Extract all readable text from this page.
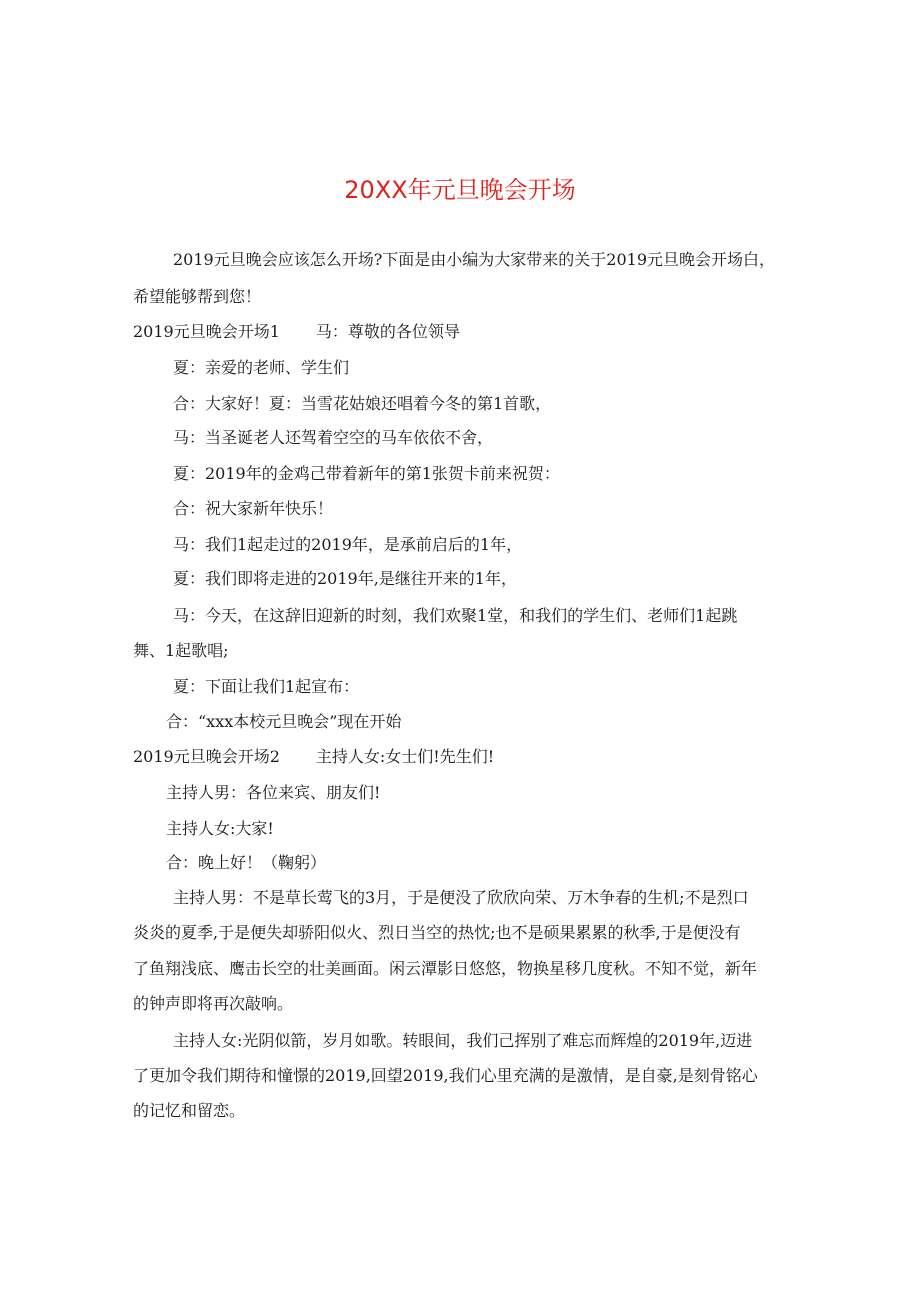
20XX年元旦晚会开场
2019元旦晚会应该怎么开场?下面是由小编为大家带来的关于2019元旦晚会开场白，
希望能够帮到您！
2019元旦晚会开场1 马：尊敬的各位领导
夏：亲爱的老师、学生们
合：大家好！夏：当雪花姑娘还唱着今冬的第1首歌，
马：当圣诞老人还驾着空空的马车依依不舍，
夏：2019年的金鸡己带着新年的第1张贺卡前来祝贺：
合：祝大家新年快乐！
马：我们1起走过的2019年，是承前启后的1年，
夏：我们即将走进的2019年,是继往开来的1年，
马：今天，在这辞旧迎新的时刻，我们欢聚1堂，和我们的学生们、老师们1起跳
舞、1起歌唱;
夏：下面让我们1起宣布：
合：“xxx本校元旦晚会”现在开始
2019元旦晚会开场2 主持人女:女士们!先生们!
主持人男：各位来宾、朋友们!
主持人女:大家!
合：晚上好！（鞠躬）
主持人男：不是草长莺飞的3月，于是便没了欣欣向荣、万木争春的生机;不是烈口
炎炎的夏季,于是便失却骄阳似火、烈日当空的热忱;也不是硕果累累的秋季,于是便没有
了鱼翔浅底、鹰击长空的壮美画面。闲云潭影日悠悠，物换星移几度秋。不知不觉，新年
的钟声即将再次敲响。
主持人女:光阴似箭，岁月如歌。转眼间，我们己挥别了难忘而辉煌的2019年,迈进
了更加令我们期待和憧憬的2019,回望2019,我们心里充满的是激情，是自豪,是刻骨铭心
的记忆和留恋。
